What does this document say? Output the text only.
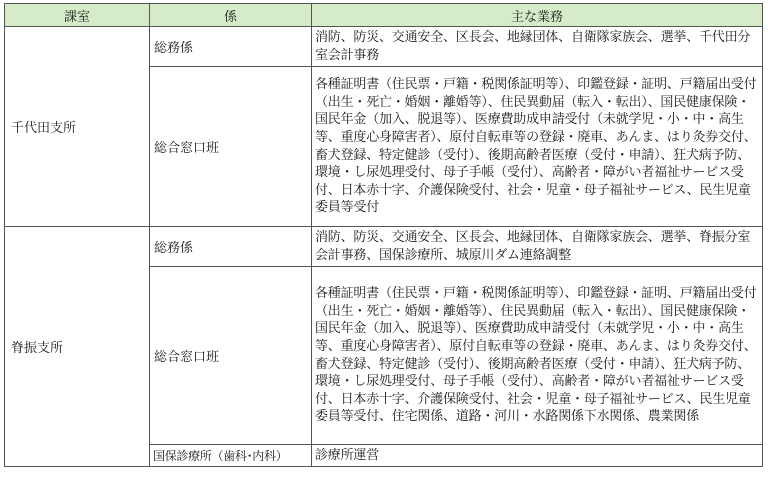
課室	係	主な業務
千代田支所	総務係	消防、防災、交通安全、区長会、地縁団体、自衛隊家族会、選挙、千代田分室会計事務
	総合窓口班	各種証明書（住民票・戸籍・税関係証明等）、印鑑登録・証明、戸籍届出受付（出生・死亡・婚姻・離婚等）、住民異動届（転入・転出）、国民健康保険・国民年金（加入、脱退等）、医療費助成申請受付（未就学児・小・中・高生等、重度心身障害者）、原付自転車等の登録・廃車、あんま、はり灸券交付、畜犬登録、特定健診（受付）、後期高齢者医療（受付・申請）、狂犬病予防、環境・し尿処理受付、母子手帳（受付）、高齢者・障がい者福祉サービス受付、日本赤十字、介護保険受付、社会・児童・母子福祉サービス、民生児童委員等受付
脊振支所	総務係	消防、防災、交通安全、区長会、地縁団体、自衛隊家族会、選挙、脊振分室会計事務、国保診療所、城原川ダム連絡調整
	総合窓口班	各種証明書（住民票・戸籍・税関係証明等）、印鑑登録・証明、戸籍届出受付（出生・死亡・婚姻・離婚等）、住民異動届（転入・転出）、国民健康保険・国民年金（加入、脱退等）、医療費助成申請受付（未就学児・小・中・高生等、重度心身障害者）、原付自転車等の登録・廃車、あんま、はり灸券交付、畜犬登録、特定健診（受付）、後期高齢者医療（受付・申請）、狂犬病予防、環境・し尿処理受付、母子手帳（受付）、高齢者・障がい者福祉サービス受付、日本赤十字、介護保険受付、社会・児童・母子福祉サービス、民生児童委員等受付、住宅関係、道路・河川・水路関係下水関係、農業関係
	国保診療所（歯科･内科）	診療所運営
